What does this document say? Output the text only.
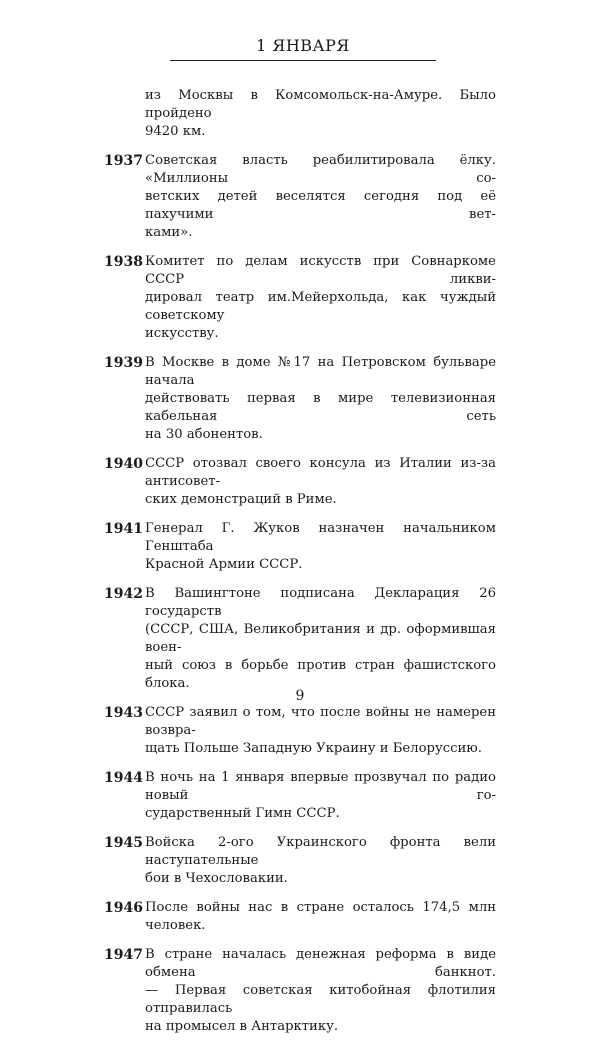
1 ЯНВАРЯ
из Москвы в Комсомольск-на-Амуре. Было пройдено
9420 км.
1937 Советская власть реабилитировала ёлку. «Миллионы со-
ветских детей веселятся сегодня под её пахучими вет-
ками».
1938 Комитет по делам искусств при Совнаркоме СССР ликви-
дировал театр им.Мейерхольда, как чуждый советскому
искусству.
1939 В Москве в доме №17 на Петровском бульваре начала
действовать первая в мире телевизионная кабельная сеть
на 30 абонентов.
1940 СССР отозвал своего консула из Италии из-за антисовет-
ских демонстраций в Риме.
1941 Генерал Г. Жуков назначен начальником Генштаба
Красной Армии СССР.
1942 В Вашингтоне подписана Декларация 26 государств
(СССР, США, Великобритания и др. оформившая воен-
ный союз в борьбе против стран фашистского блока.
1943 СССР заявил о том, что после войны не намерен возвра-
щать Польше Западную Украину и Белоруссию.
1944 В ночь на 1 января впервые прозвучал по радио новый го-
сударственный Гимн СССР.
1945 Войска 2-ого Украинского фронта вели наступательные
бои в Чехословакии.
1946 После войны нас в стране осталось 174,5 млн человек.
1947 В стране началась денежная реформа в виде обмена банкнот.
— Первая советская китобойная флотилия отправилась
на промысел в Антарктику.
9
